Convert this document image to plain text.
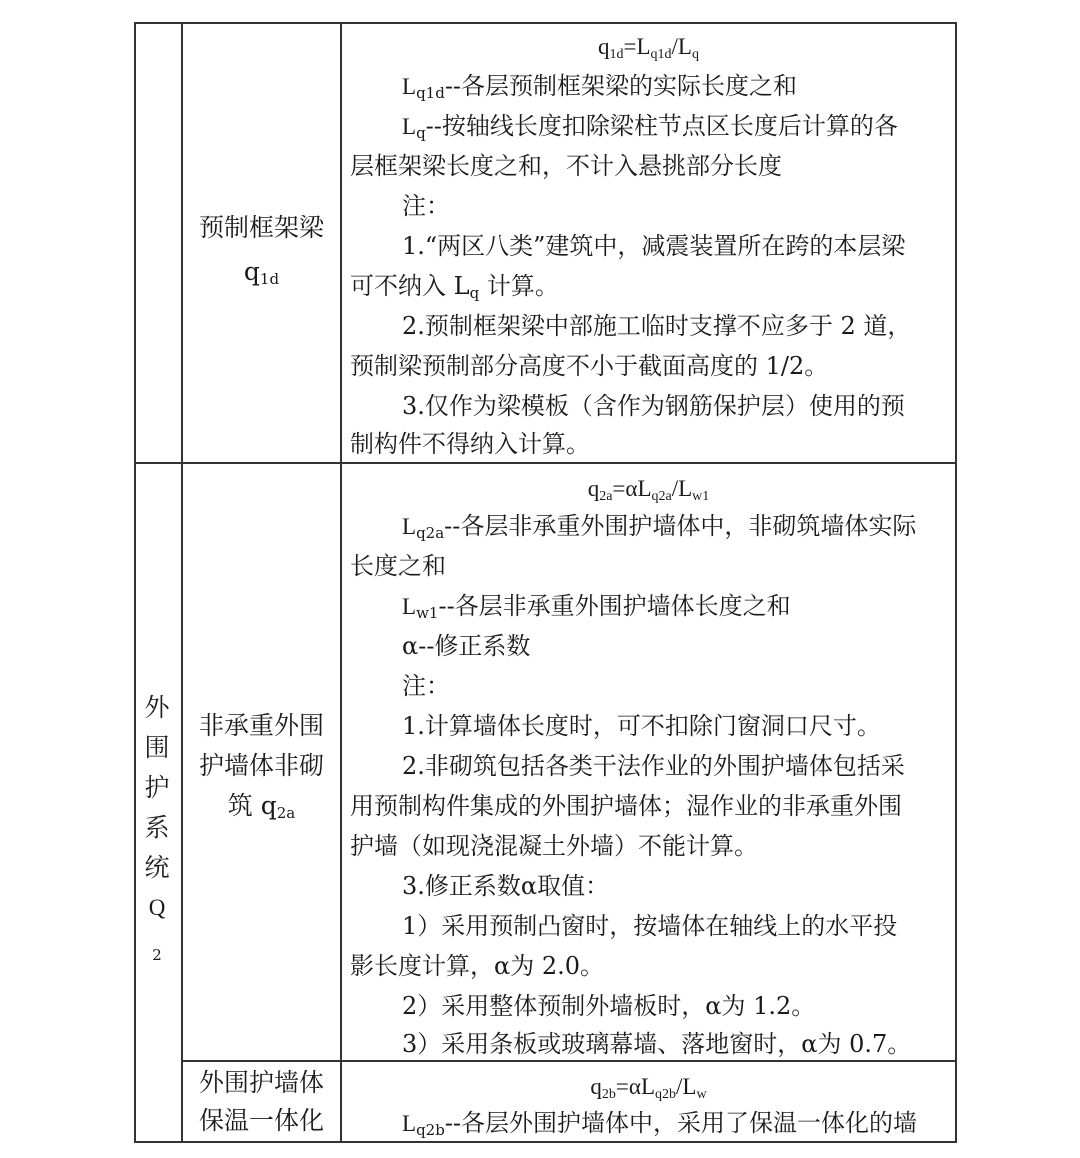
预制框架梁
$q_{1d}$
$q_{1d}=L_{q1d}/L_q$
$L_{q1d}--$各层预制框架梁的实际长度之和
$L_q--$按轴线长度扣除梁柱节点区长度后计算的各
层框架梁长度之和，不计入悬挑部分长度
注：
1.“两区八类”建筑中，减震装置所在跨的本层梁
可不纳入 $L_q$ 计算。
2.预制框架梁中部施工临时支撑不应多于 2 道，
预制梁预制部分高度不小于截面高度的 1/2。
3.仅作为梁模板（含作为钢筋保护层）使用的预
制构件不得纳入计算。
外
围
护
系
统
Q
$_2$
非承重外围
护墙体非砌
筑 $q_{2a}$
$q_{2a}=\alpha L_{q2a}/L_{w1}$
$L_{q2a}--$各层非承重外围护墙体中，非砌筑墙体实际
长度之和
$L_{w1}--$各层非承重外围护墙体长度之和
α--修正系数
注：
1.计算墙体长度时，可不扣除门窗洞口尺寸。
2.非砌筑包括各类干法作业的外围护墙体包括采
用预制构件集成的外围护墙体；湿作业的非承重外围
护墙（如现浇混凝土外墙）不能计算。
3.修正系数α取值：
1）采用预制凸窗时，按墙体在轴线上的水平投
影长度计算，α为 2.0。
2）采用整体预制外墙板时，α为 1.2。
3）采用条板或玻璃幕墙、落地窗时，α为 0.7。
外围护墙体
保温一体化
$q_{2b}=\alpha L_{q2b}/L_w$
$L_{q2b}--$各层外围护墙体中，采用了保温一体化的墙
